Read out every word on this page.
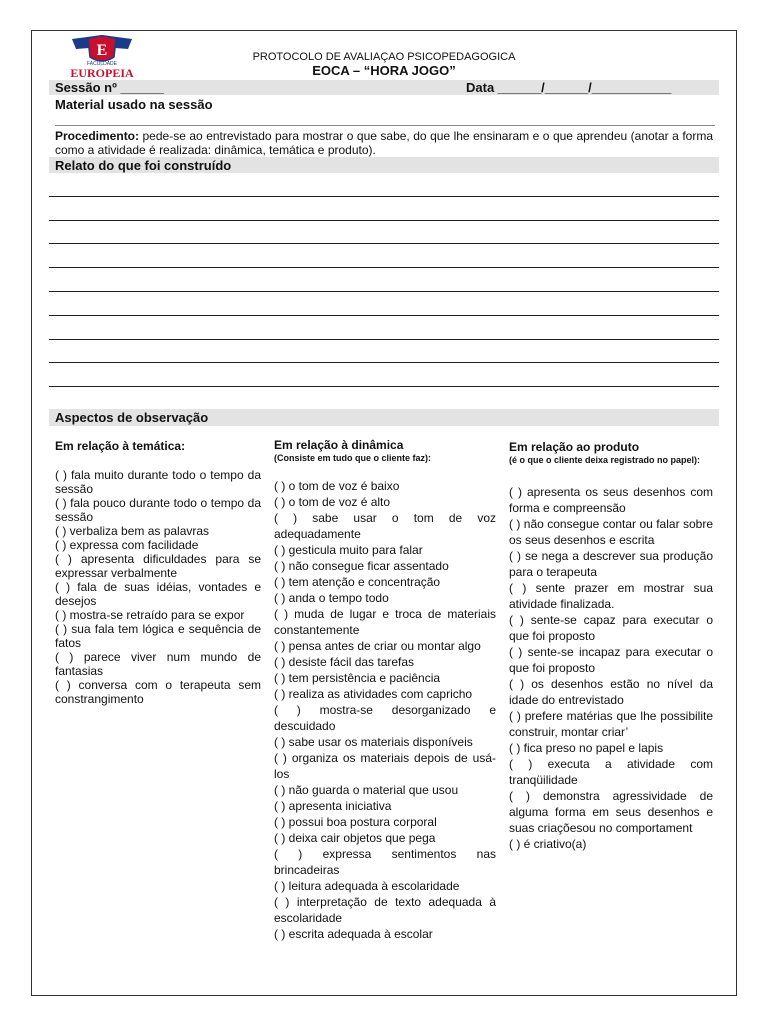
E
FACULDADE
EUROPEIA
PROTOCOLO DE AVALIAÇAO PSICOPEDAGOGICA
EOCA – “HORA JOGO”
Sessão nº ______	Data ______/______/___________
Material usado na sessão
Procedimento: pede-se ao entrevistado para mostrar o que sabe, do que lhe ensinaram e o que aprendeu (anotar a forma como a atividade é realizada: dinâmica, temática e produto).
Relato do que foi construído
Aspectos de observação
Em relação à temática:
( ) fala muito durante todo o tempo da sessão
( ) fala pouco durante todo o tempo da sessão
( ) verbaliza bem as palavras
( ) expressa com facilidade
( ) apresenta dificuldades para se expressar verbalmente
( ) fala de suas idéias, vontades e desejos
( ) mostra-se retraído para se expor
( ) sua fala tem lógica e sequência de fatos
( ) parece viver num mundo de fantasias
( ) conversa com o terapeuta sem constrangimento
Em relação à dinâmica
(Consiste em tudo que o cliente faz):
( ) o tom de voz é baixo
( ) o tom de voz é alto
( ) sabe usar o tom de voz adequadamente
( ) gesticula muito para falar
( ) não consegue ficar assentado
( ) tem atenção e concentração
( ) anda o tempo todo
( ) muda de lugar e troca de materiais constantemente
( ) pensa antes de criar ou montar algo
( ) desiste fácil das tarefas
( ) tem persistência e paciência
( ) realiza as atividades com capricho
( ) mostra-se desorganizado e descuidado
( ) sabe usar os materiais disponíveis
( ) organiza os materiais depois de usá-los
( ) não guarda o material que usou
( ) apresenta iniciativa
( ) possui boa postura corporal
( ) deixa cair objetos que pega
( ) expressa sentimentos nas brincadeiras
( ) leitura adequada à escolaridade
( ) interpretação de texto adequada à escolaridade
( ) escrita adequada à escolar
Em relação ao produto
(é o que o cliente deixa registrado no papel):
( ) apresenta os seus desenhos com forma e compreensão
( ) não consegue contar ou falar sobre os seus desenhos e escrita
( ) se nega a descrever sua produção para o terapeuta
( ) sente prazer em mostrar sua atividade finalizada.
( ) sente-se capaz para executar o que foi proposto
( ) sente-se incapaz para executar o que foi proposto
( ) os desenhos estão no nível da idade do entrevistado
( ) prefere matérias que lhe possibilite construir, montar criar’
( ) fica preso no papel e lapis
( ) executa a atividade com tranqüilidade
( ) demonstra agressividade de alguma forma em seus desenhos e suas criaçõesou no comportament
( ) é criativo(a)
